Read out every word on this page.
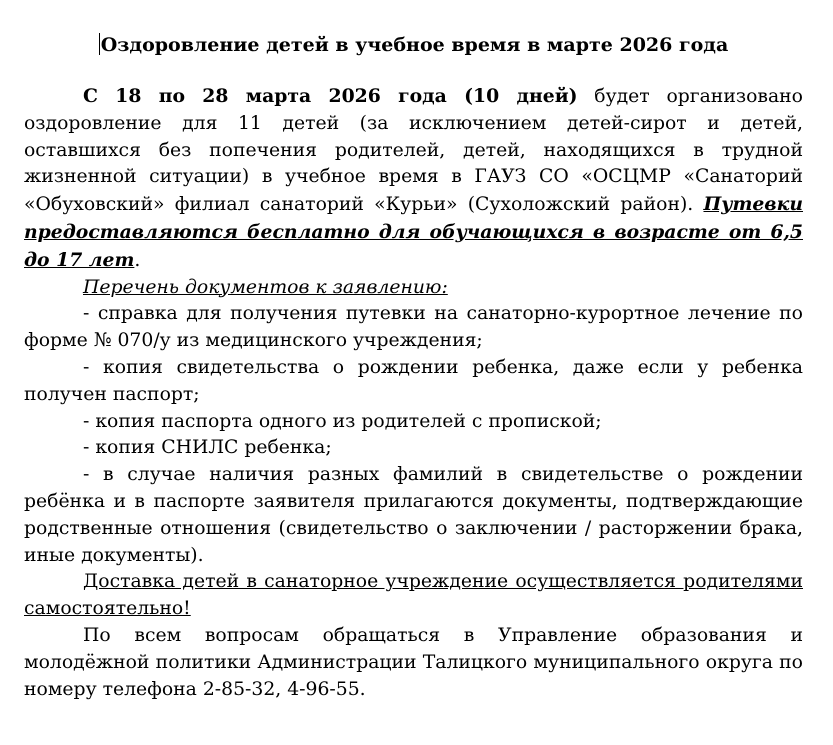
Оздоровление детей в учебное время в марте 2026 года

С 18 по 28 марта 2026 года (10 дней) будет организовано оздоровление для 11 детей (за исключением детей-сирот и детей, оставшихся без попечения родителей, детей, находящихся в трудной жизненной ситуации) в учебное время в ГАУЗ СО «ОСЦМР «Санаторий «Обуховский» филиал санаторий «Курьи» (Сухоложский район). Путевки предоставляются бесплатно для обучающихся в возрасте от 6,5 до 17 лет.

Перечень документов к заявлению:

- справка для получения путевки на санаторно-курортное лечение по форме № 070/у из медицинского учреждения;

- копия свидетельства о рождении ребенка, даже если у ребенка получен паспорт;

- копия паспорта одного из родителей с пропиской;

- копия СНИЛС ребенка;

- в случае наличия разных фамилий в свидетельстве о рождении ребёнка и в паспорте заявителя прилагаются документы, подтверждающие родственные отношения (свидетельство о заключении / расторжении брака, иные документы).

Доставка детей в санаторное учреждение осуществляется родителями самостоятельно!

По всем вопросам обращаться в Управление образования и молодёжной политики Администрации Талицкого муниципального округа по номеру телефона 2-85-32, 4-96-55.
